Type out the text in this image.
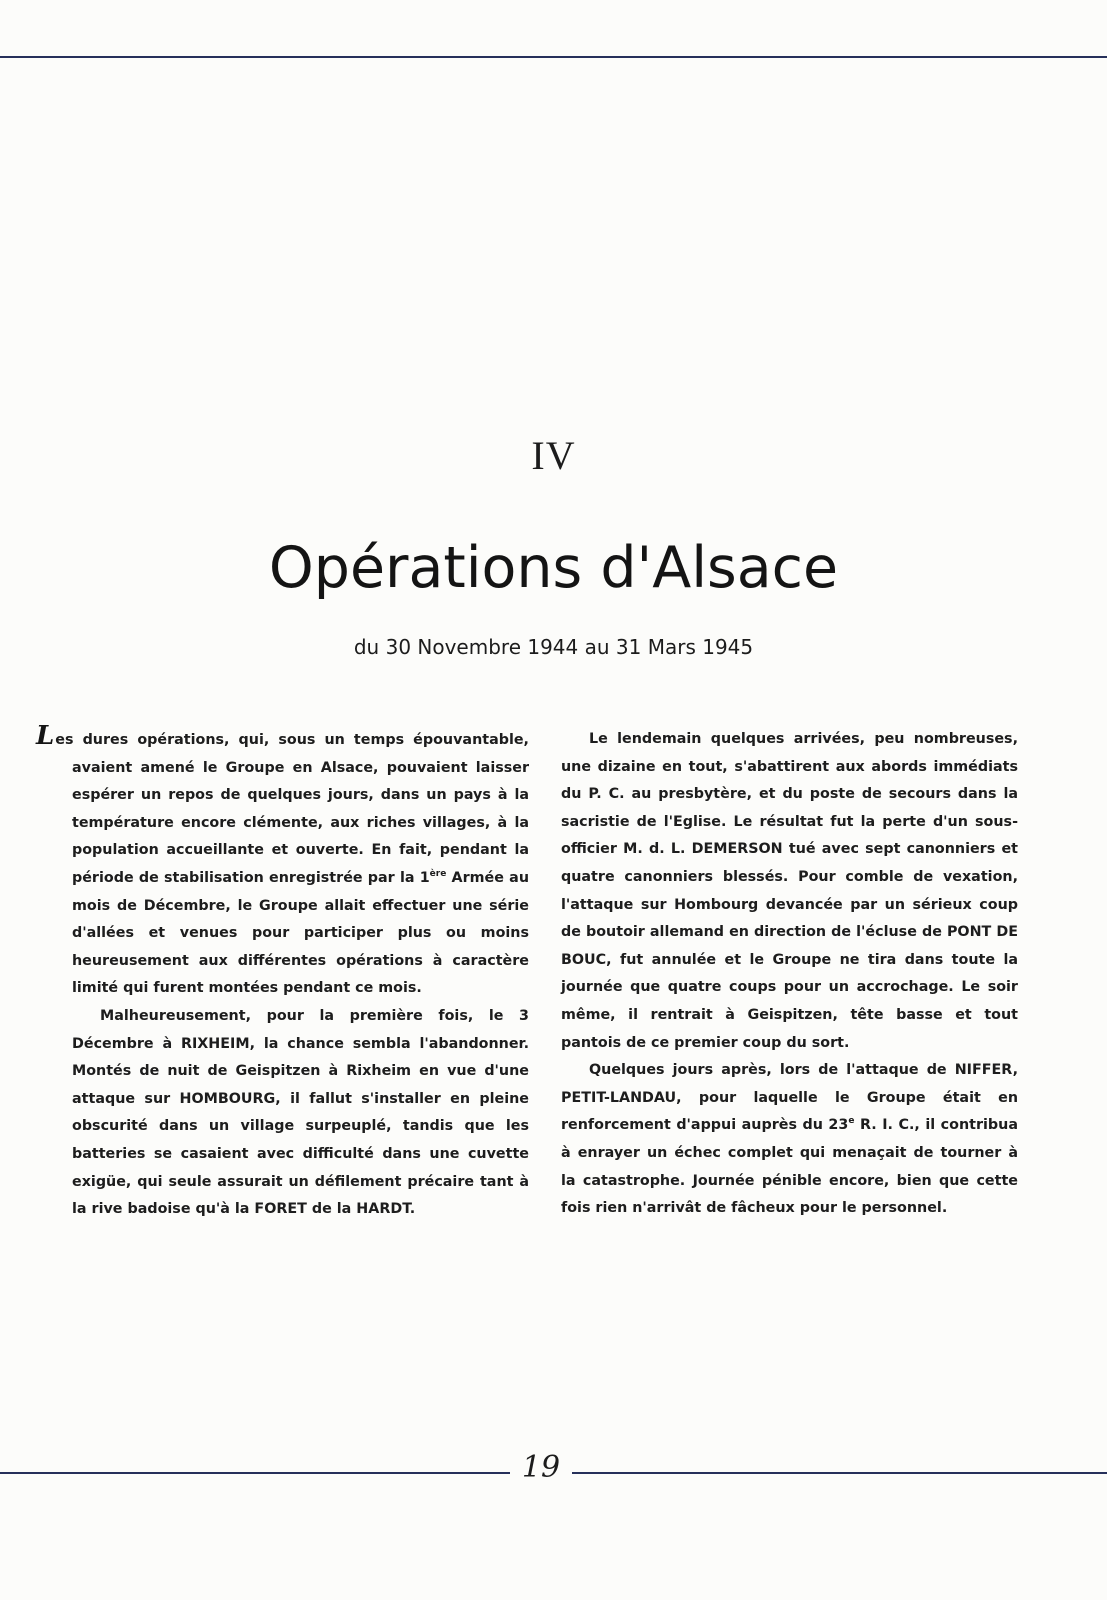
IV
Opérations d'Alsace
du 30 Novembre 1944 au 31 Mars 1945

Les dures opérations, qui, sous un temps épouvantable, avaient amené le Groupe en Alsace, pouvaient laisser espérer un repos de quelques jours, dans un pays à la température encore clémente, aux riches villages, à la population accueillante et ouverte. En fait, pendant la période de stabilisation enregistrée par la 1ère Armée au mois de Décembre, le Groupe allait effectuer une série d'allées et venues pour participer plus ou moins heureusement aux différentes opérations à caractère limité qui furent montées pendant ce mois.

Malheureusement, pour la première fois, le 3 Décembre à RIXHEIM, la chance sembla l'abandonner. Montés de nuit de Geispitzen à Rixheim en vue d'une attaque sur HOMBOURG, il fallut s'installer en pleine obscurité dans un village surpeuplé, tandis que les batteries se casaient avec difficulté dans une cuvette exigüe, qui seule assurait un défilement précaire tant à la rive badoise qu'à la FORET de la HARDT.

Le lendemain quelques arrivées, peu nombreuses, une dizaine en tout, s'abattirent aux abords immédiats du P. C. au presbytère, et du poste de secours dans la sacristie de l'Eglise. Le résultat fut la perte d'un sous-officier M. d. L. DEMERSON tué avec sept canonniers et quatre canonniers blessés. Pour comble de vexation, l'attaque sur Hombourg devancée par un sérieux coup de boutoir allemand en direction de l'écluse de PONT DE BOUC, fut annulée et le Groupe ne tira dans toute la journée que quatre coups pour un accrochage. Le soir même, il rentrait à Geispitzen, tête basse et tout pantois de ce premier coup du sort.

Quelques jours après, lors de l'attaque de NIFFER, PETIT-LANDAU, pour laquelle le Groupe était en renforcement d'appui auprès du 23e R. I. C., il contribua à enrayer un échec complet qui menaçait de tourner à la catastrophe. Journée pénible encore, bien que cette fois rien n'arrivât de fâcheux pour le personnel.

19
